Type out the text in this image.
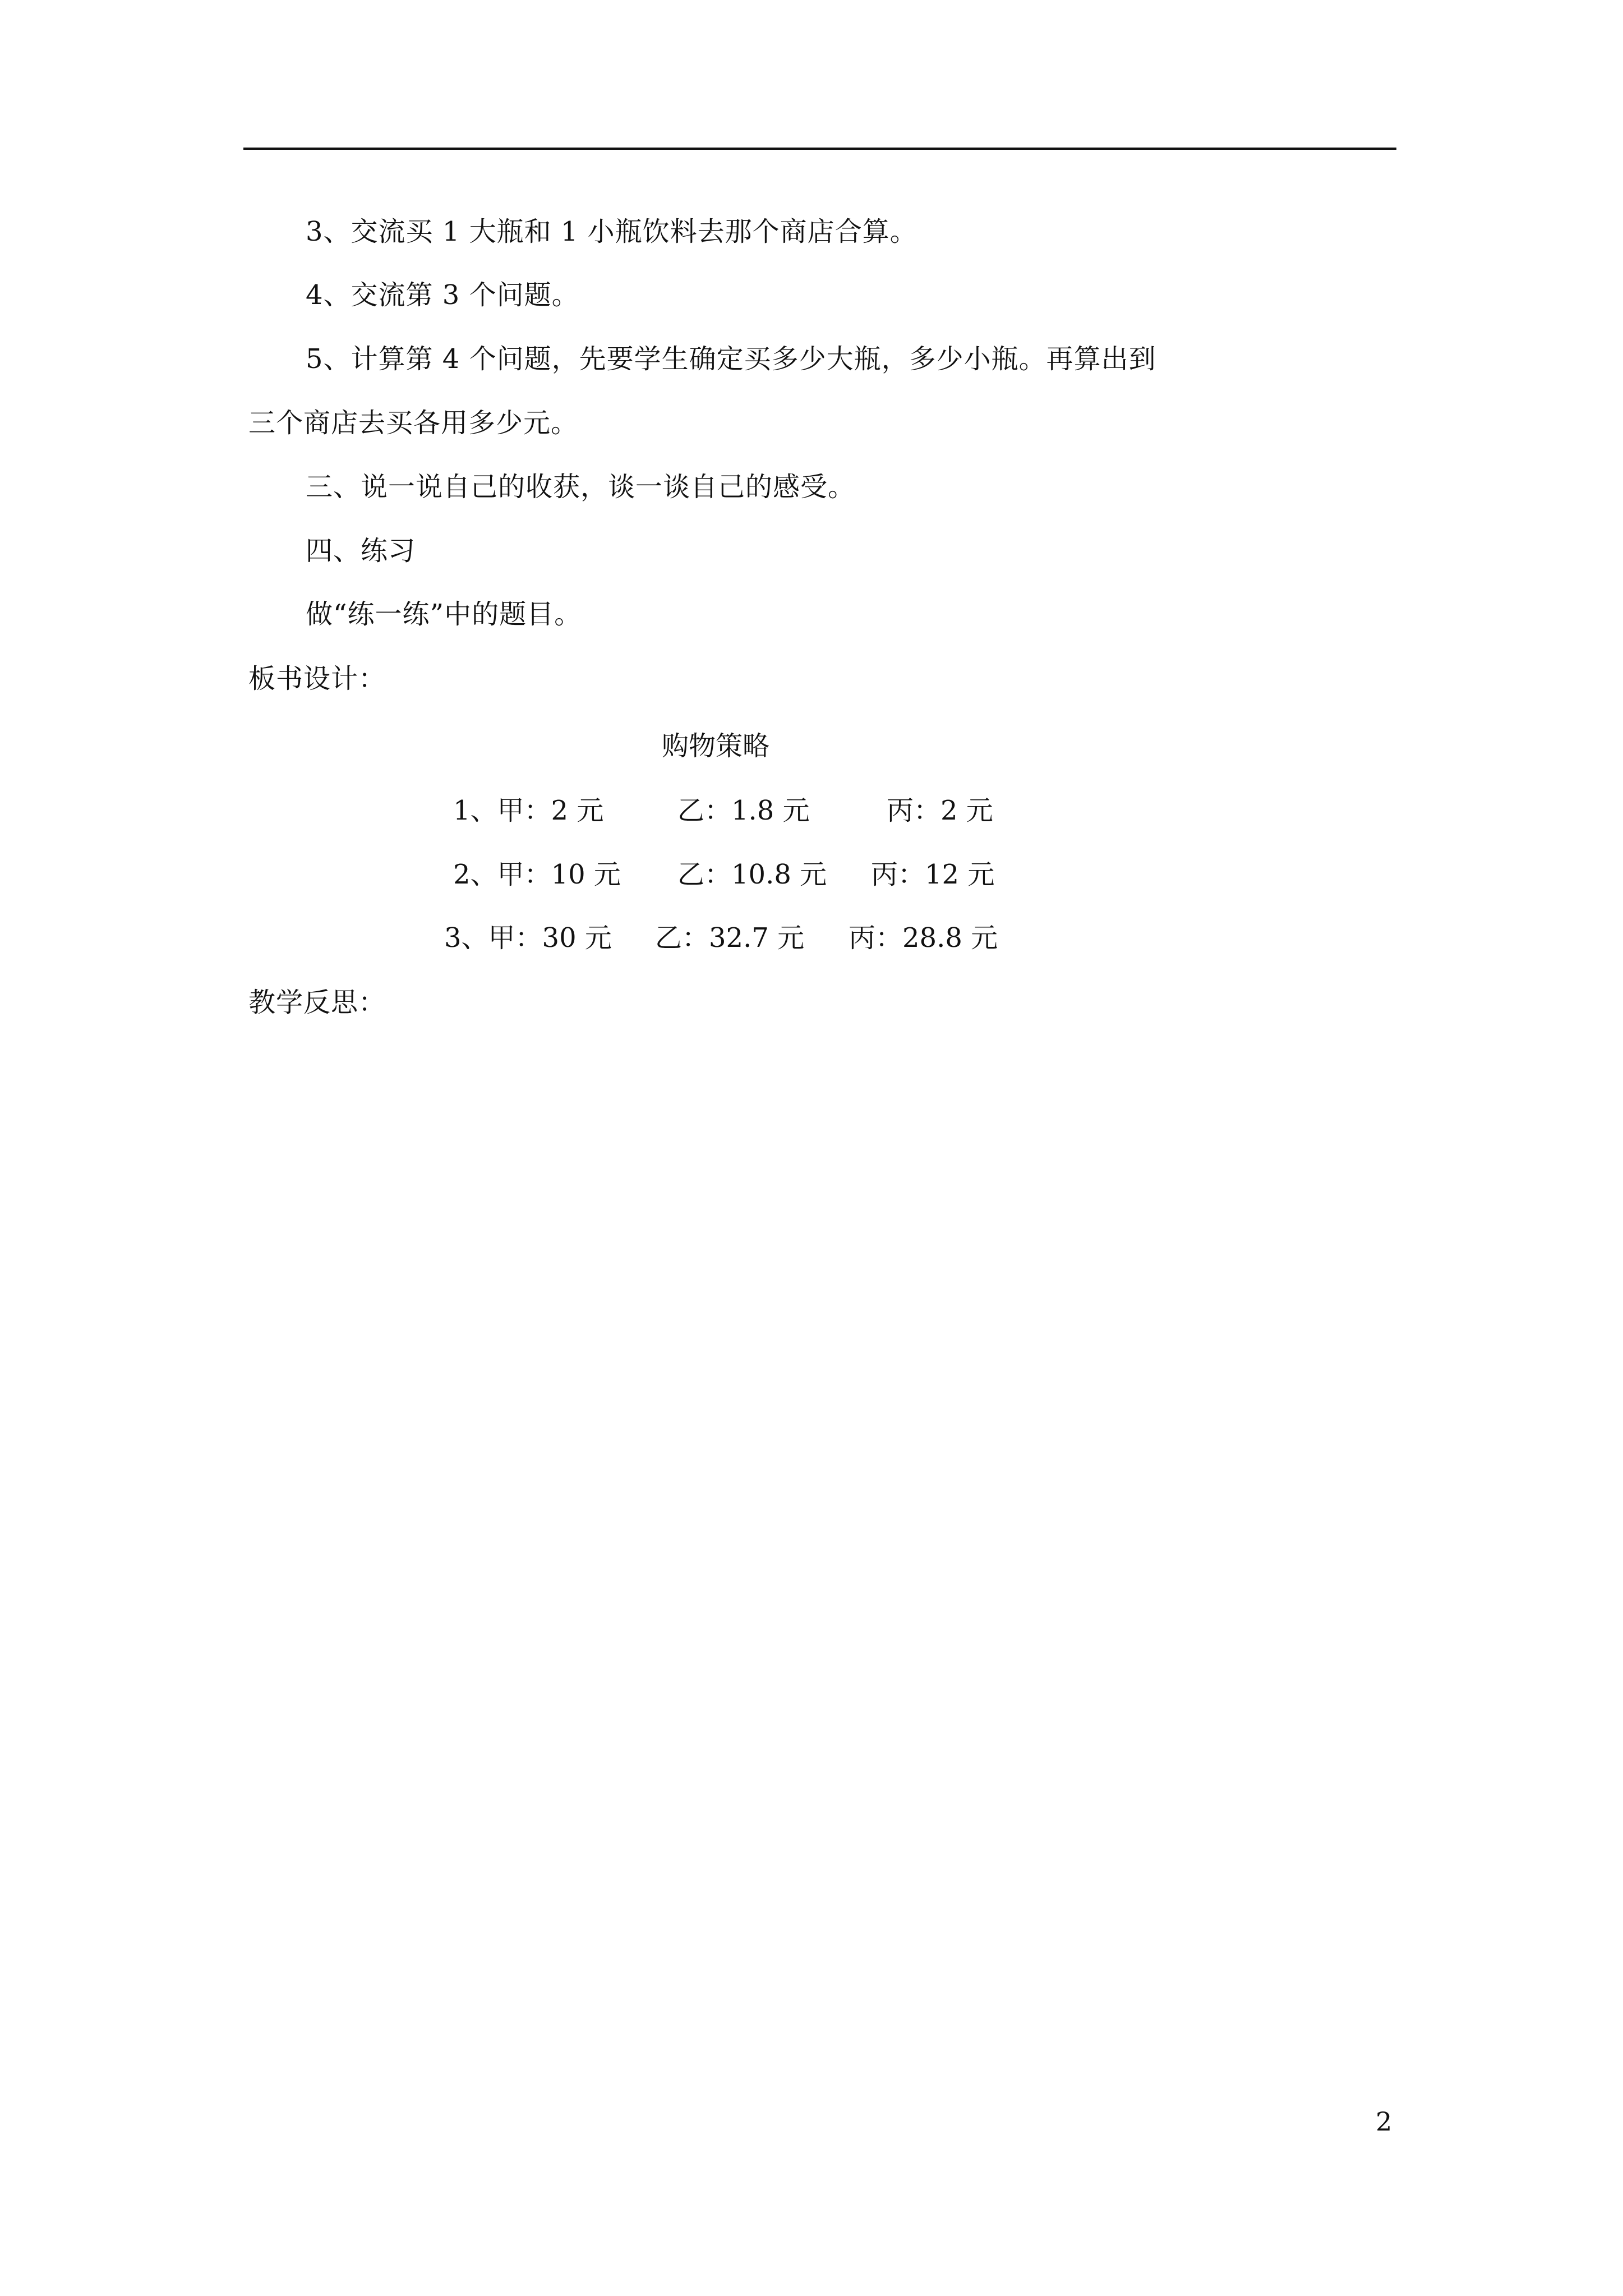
3、交流买 1 大瓶和 1 小瓶饮料去那个商店合算。
4、交流第 3 个问题。
5、计算第 4 个问题，先要学生确定买多少大瓶，多少小瓶。再算出到
三个商店去买各用多少元。
三、说一说自己的收获，谈一谈自己的感受。
四、练习
做“练一练”中的题目。
板书设计：
购物策略
1、甲：2 元	乙：1.8 元	丙：2 元
2、甲：10 元 乙：10.8 元 丙：12 元
3、甲：30 元 乙：32.7 元 丙：28.8 元
教学反思：
2
